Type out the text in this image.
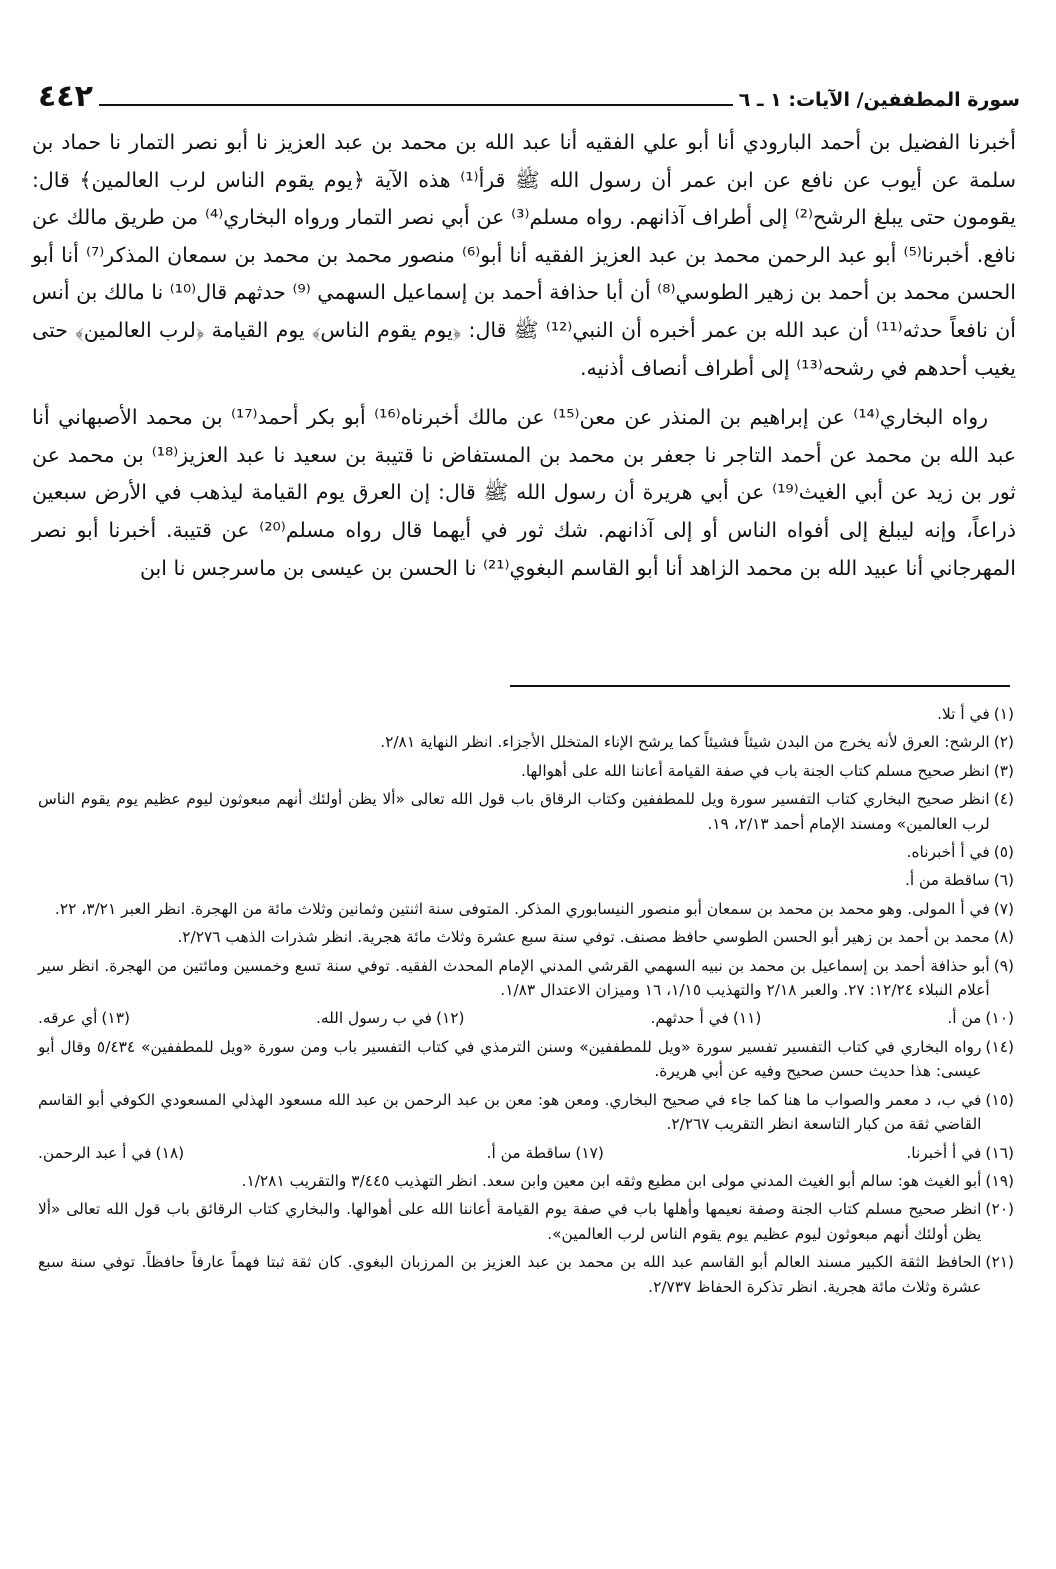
سورة المطففين/ الآيات: ١ ـ ٦
٤٤٢

أخبرنا الفضيل بن أحمد البارودي أنا أبو علي الفقيه أنا عبد الله بن محمد بن عبد العزيز نا أبو نصر التمار نا حماد بن سلمة عن أيوب عن نافع عن ابن عمر أن رسول الله ﷺ قرأ⁽¹⁾ هذه الآية ﴿يوم يقوم الناس لرب العالمين﴾ قال: يقومون حتى يبلغ الرشح⁽²⁾ إلى أطراف آذانهم. رواه مسلم⁽³⁾ عن أبي نصر التمار ورواه البخاري⁽⁴⁾ من طريق مالك عن نافع. أخبرنا⁽⁵⁾ أبو عبد الرحمن محمد بن عبد العزيز الفقيه أنا أبو⁽⁶⁾ منصور محمد بن محمد بن سمعان المذكر⁽⁷⁾ أنا أبو الحسن محمد بن أحمد بن زهير الطوسي⁽⁸⁾ أن أبا حذافة أحمد بن إسماعيل السهمي ⁽⁹⁾ حدثهم قال⁽¹⁰⁾ نا مالك بن أنس أن نافعاً حدثه⁽¹¹⁾ أن عبد الله بن عمر أخبره أن النبي⁽¹²⁾ ﷺ قال: ﴿يوم يقوم الناس﴾ يوم القيامة ﴿لرب العالمين﴾ حتى يغيب أحدهم في رشحه⁽¹³⁾ إلى أطراف أنصاف أذنيه.

رواه البخاري⁽¹⁴⁾ عن إبراهيم بن المنذر عن معن⁽¹⁵⁾ عن مالك أخبرناه⁽¹⁶⁾ أبو بكر أحمد⁽¹⁷⁾ بن محمد الأصبهاني أنا عبد الله بن محمد عن أحمد التاجر نا جعفر بن محمد بن المستفاض نا قتيبة بن سعيد نا عبد العزيز⁽¹⁸⁾ بن محمد عن ثور بن زيد عن أبي الغيث⁽¹⁹⁾ عن أبي هريرة أن رسول الله ﷺ قال: إن العرق يوم القيامة ليذهب في الأرض سبعين ذراعاً، وإنه ليبلغ إلى أفواه الناس أو إلى آذانهم. شك ثور في أيهما قال رواه مسلم⁽²⁰⁾ عن قتيبة. أخبرنا أبو نصر المهرجاني أنا عبيد الله بن محمد الزاهد أنا أبو القاسم البغوي⁽²¹⁾ نا الحسن بن عيسى بن ماسرجس نا ابن

(١)
في أ تلا.
(٢)
الرشح: العرق لأنه يخرج من البدن شيئاً فشيئاً كما يرشح الإناء المتخلل الأجزاء. انظر النهاية ٢/٨١.
(٣)
انظر صحيح مسلم كتاب الجنة باب في صفة القيامة أعاننا الله على أهوالها.
(٤)
انظر صحيح البخاري كتاب التفسير سورة ويل للمطففين وكتاب الرقاق باب قول الله تعالى «ألا يظن أولئك أنهم مبعوثون ليوم عظيم يوم يقوم الناس لرب العالمين» ومسند الإمام أحمد ٢/١٣، ١٩.
(٥)
في أ أخبرناه.
(٦)
ساقطة من أ.
(٧)
في أ المولى. وهو محمد بن محمد بن سمعان أبو منصور النيسابوري المذكر. المتوفى سنة اثنتين وثمانين وثلاث مائة من الهجرة. انظر العبر ٣/٢١، ٢٢.
(٨)
محمد بن أحمد بن زهير أبو الحسن الطوسي حافظ مصنف. توفي سنة سبع عشرة وثلاث مائة هجرية. انظر شذرات الذهب ٢/٢٧٦.
(٩)
أبو حذافة أحمد بن إسماعيل بن محمد بن نبيه السهمي القرشي المدني الإمام المحدث الفقيه. توفي سنة تسع وخمسين ومائتين من الهجرة. انظر سير أعلام النبلاء ١٢/٢٤: ٢٧. والعبر ٢/١٨ والتهذيب ١/١٥، ١٦ وميزان الاعتدال ١/٨٣.
(١٠)
من أ.
(١١)
في أ حدثهم.
(١٢)
في ب رسول الله.
(١٣)
أي عرقه.
(١٤)
رواه البخاري في كتاب التفسير تفسير سورة «ويل للمطففين» وسنن الترمذي في كتاب التفسير باب ومن سورة «ويل للمطففين» ٥/٤٣٤ وقال أبو عيسى: هذا حديث حسن صحيح وفيه عن أبي هريرة.
(١٥)
في ب، د معمر والصواب ما هنا كما جاء في صحيح البخاري. ومعن هو: معن بن عبد الرحمن بن عبد الله مسعود الهذلي المسعودي الكوفي أبو القاسم القاضي ثقة من كبار التاسعة انظر التقريب ٢/٢٦٧.
(١٦)
في أ أخبرنا.
(١٧)
ساقطة من أ.
(١٨)
في أ عبد الرحمن.
(١٩)
أبو الغيث هو: سالم أبو الغيث المدني مولى ابن مطيع وثقه ابن معين وابن سعد. انظر التهذيب ٣/٤٤٥ والتقريب ١/٢٨١.
(٢٠)
انظر صحيح مسلم كتاب الجنة وصفة نعيمها وأهلها باب في صفة يوم القيامة أعاننا الله على أهوالها. والبخاري كتاب الرقائق باب قول الله تعالى «ألا يظن أولئك أنهم مبعوثون ليوم عظيم يوم يقوم الناس لرب العالمين».
(٢١)
الحافظ الثقة الكبير مسند العالم أبو القاسم عبد الله بن محمد بن عبد العزيز بن المرزبان البغوي. كان ثقة ثبتا فهماً عارفاً حافظاً. توفي سنة سبع عشرة وثلاث مائة هجرية. انظر تذكرة الحفاظ ٢/٧٣٧.
